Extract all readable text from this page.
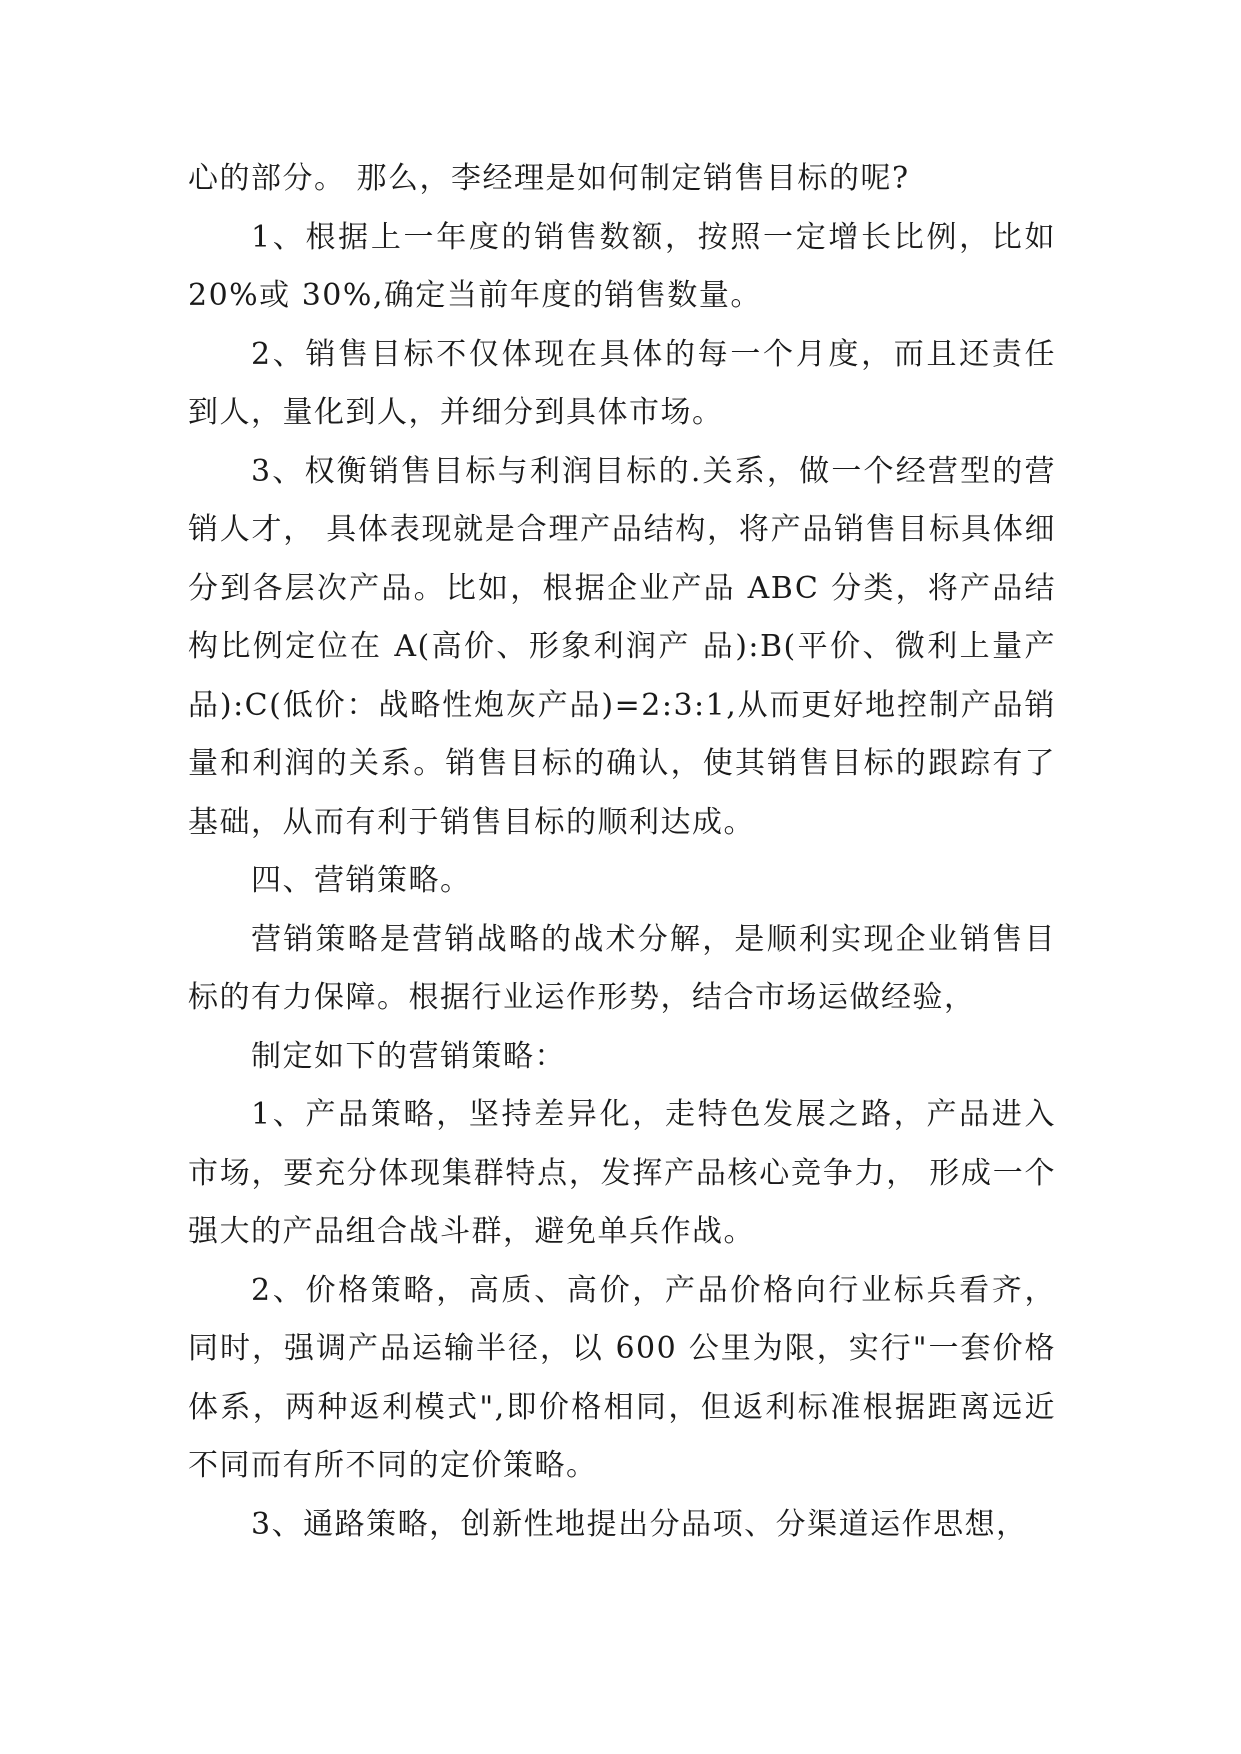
心的部分。 那么，李经理是如何制定销售目标的呢?

1、根据上一年度的销售数额，按照一定增长比例，比如 20%或 30%,确定当前年度的销售数量。

2、销售目标不仅体现在具体的每一个月度，而且还责任到人，量化到人，并细分到具体市场。

3、权衡销售目标与利润目标的.关系，做一个经营型的营销人才， 具体表现就是合理产品结构，将产品销售目标具体细分到各层次产品。比如，根据企业产品 ABC 分类，将产品结构比例定位在 A(高价、形象利润产 品):B(平价、微利上量产品):C(低价：战略性炮灰产品)=2:3:1,从而更好地控制产品销量和利润的关系。销售目标的确认，使其销售目标的跟踪有了基础，从而有利于销售目标的顺利达成。

四、营销策略。

营销策略是营销战略的战术分解，是顺利实现企业销售目标的有力保障。根据行业运作形势，结合市场运做经验，

制定如下的营销策略：

1、产品策略，坚持差异化，走特色发展之路，产品进入市场，要充分体现集群特点，发挥产品核心竞争力， 形成一个强大的产品组合战斗群，避免单兵作战。

2、价格策略，高质、高价，产品价格向行业标兵看齐，同时，强调产品运输半径，以 600 公里为限，实行"一套价格体系，两种返利模式",即价格相同，但返利标准根据距离远近不同而有所不同的定价策略。

3、通路策略，创新性地提出分品项、分渠道运作思想，
